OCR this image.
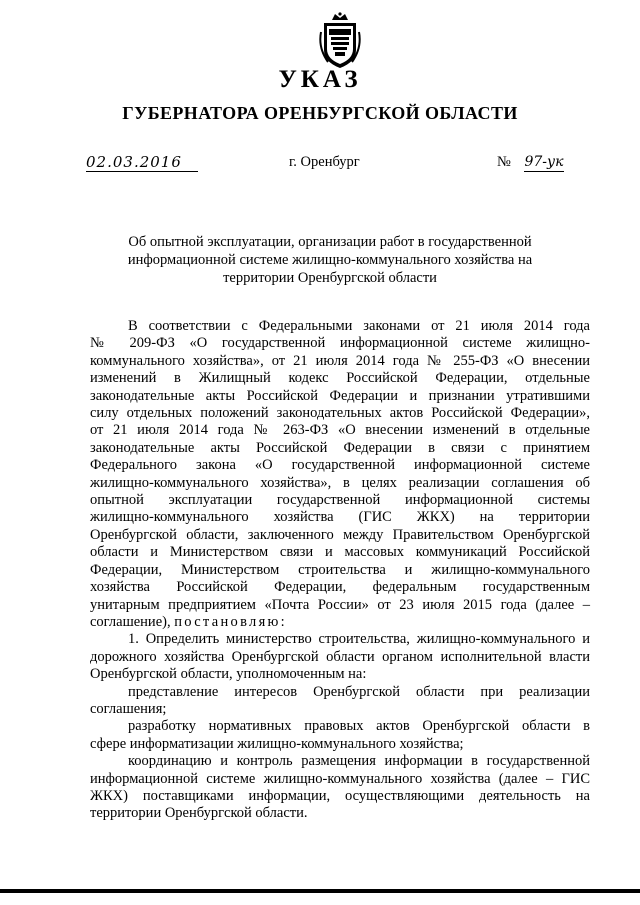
УКАЗ
ГУБЕРНАТОРА ОРЕНБУРГСКОЙ ОБЛАСТИ
02.03.2016	г. Оренбург	№ 97-ук
Об опытной эксплуатации, организации работ в государственной
информационной системе жилищно-коммунального хозяйства на
территории Оренбургской области
В соответствии с Федеральными законами от 21 июля 2014 года
№ 209-ФЗ «О государственной информационной системе жилищно-
коммунального хозяйства», от 21 июля 2014 года № 255-ФЗ «О внесении
изменений в Жилищный кодекс Российской Федерации, отдельные
законодательные акты Российской Федерации и признании утратившими
силу отдельных положений законодательных актов Российской Федерации»,
от 21 июля 2014 года № 263-ФЗ «О внесении изменений в отдельные
законодательные акты Российской Федерации в связи с принятием
Федерального закона «О государственной информационной системе
жилищно-коммунального хозяйства», в целях реализации соглашения об
опытной эксплуатации государственной информационной системы
жилищно-коммунального хозяйства (ГИС ЖКХ) на территории
Оренбургской области, заключенного между Правительством Оренбургской
области и Министерством связи и массовых коммуникаций Российской
Федерации, Министерством строительства и жилищно-коммунального
хозяйства Российской Федерации, федеральным государственным
унитарным предприятием «Почта России» от 23 июля 2015 года (далее –
соглашение), постановляю:
1. Определить министерство строительства, жилищно-коммунального и
дорожного хозяйства Оренбургской области органом исполнительной власти
Оренбургской области, уполномоченным на:
представление интересов Оренбургской области при реализации
соглашения;
разработку нормативных правовых актов Оренбургской области в
сфере информатизации жилищно-коммунального хозяйства;
координацию и контроль размещения информации в государственной
информационной системе жилищно-коммунального хозяйства (далее – ГИС
ЖКХ) поставщиками информации, осуществляющими деятельность на
территории Оренбургской области.
